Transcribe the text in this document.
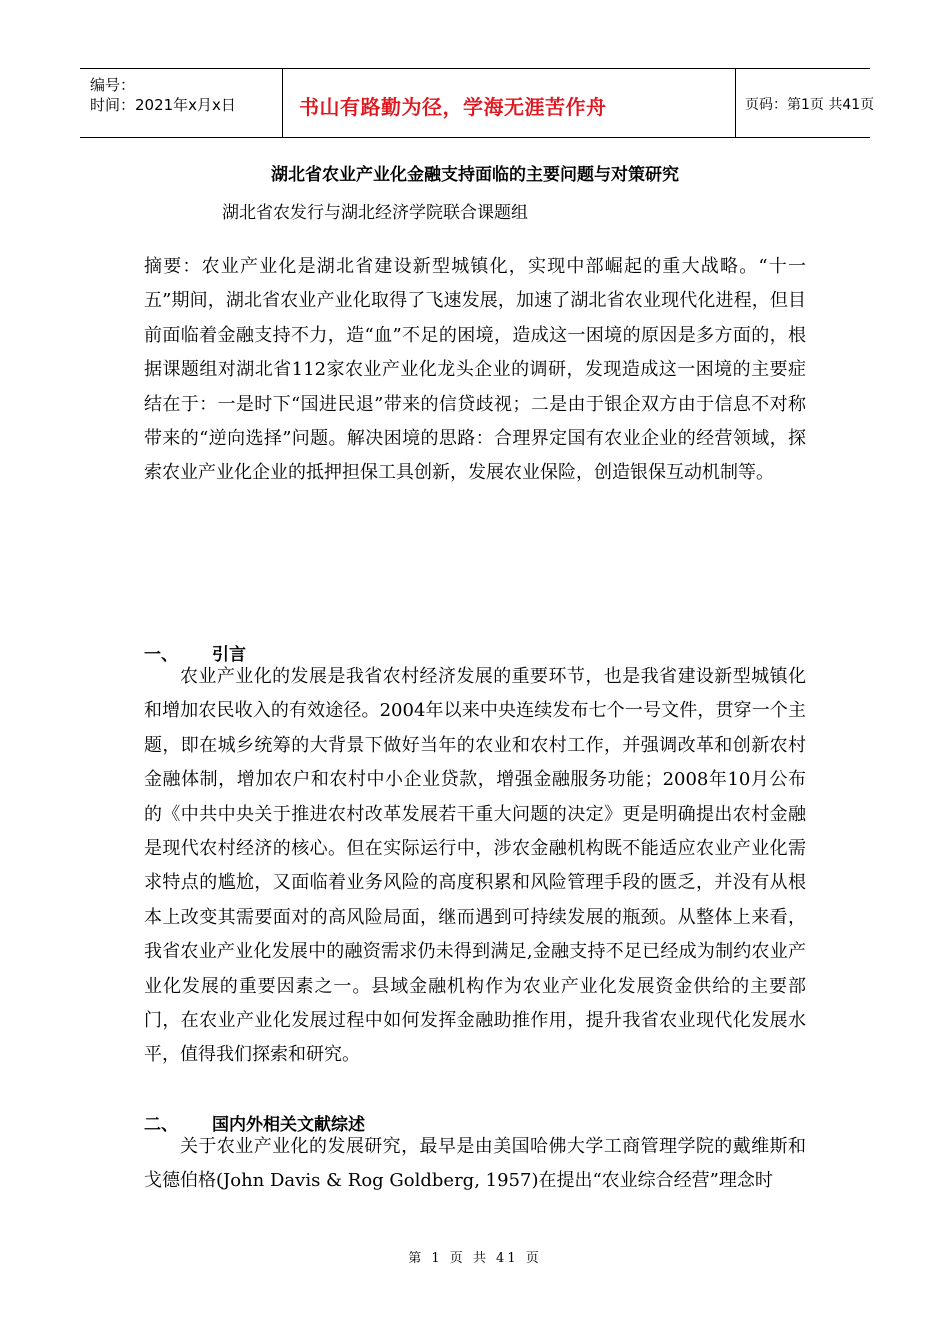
编号：
时间：2021年x月x日	书山有路勤为径，学海无涯苦作舟	页码：第1页 共41页
湖北省农业产业化金融支持面临的主要问题与对策研究
湖北省农发行与湖北经济学院联合课题组

摘要：农业产业化是湖北省建设新型城镇化，实现中部崛起的重大战略。“十一五”期间，湖北省农业产业化取得了飞速发展，加速了湖北省农业现代化进程，但目前面临着金融支持不力，造“血”不足的困境，造成这一困境的原因是多方面的，根据课题组对湖北省112家农业产业化龙头企业的调研，发现造成这一困境的主要症结在于：一是时下“国进民退”带来的信贷歧视；二是由于银企双方由于信息不对称带来的“逆向选择”问题。解决困境的思路：合理界定国有农业企业的经营领域，探索农业产业化企业的抵押担保工具创新，发展农业保险，创造银保互动机制等。

一、 引言

农业产业化的发展是我省农村经济发展的重要环节，也是我省建设新型城镇化和增加农民收入的有效途径。2004年以来中央连续发布七个一号文件，贯穿一个主题，即在城乡统筹的大背景下做好当年的农业和农村工作，并强调改革和创新农村金融体制，增加农户和农村中小企业贷款，增强金融服务功能；2008年10月公布的《中共中央关于推进农村改革发展若干重大问题的决定》更是明确提出农村金融是现代农村经济的核心。但在实际运行中，涉农金融机构既不能适应农业产业化需求特点的尴尬，又面临着业务风险的高度积累和风险管理手段的匮乏，并没有从根本上改变其需要面对的高风险局面，继而遇到可持续发展的瓶颈。从整体上来看，我省农业产业化发展中的融资需求仍未得到满足,金融支持不足已经成为制约农业产业化发展的重要因素之一。县域金融机构作为农业产业化发展资金供给的主要部门，在农业产业化发展过程中如何发挥金融助推作用，提升我省农业现代化发展水平，值得我们探索和研究。

二、 国内外相关文献综述

关于农业产业化的发展研究，最早是由美国哈佛大学工商管理学院的戴维斯和戈德伯格(John Davis & Rog Goldberg, 1957)在提出“农业综合经营”理念时

第 1 页 共 41 页
